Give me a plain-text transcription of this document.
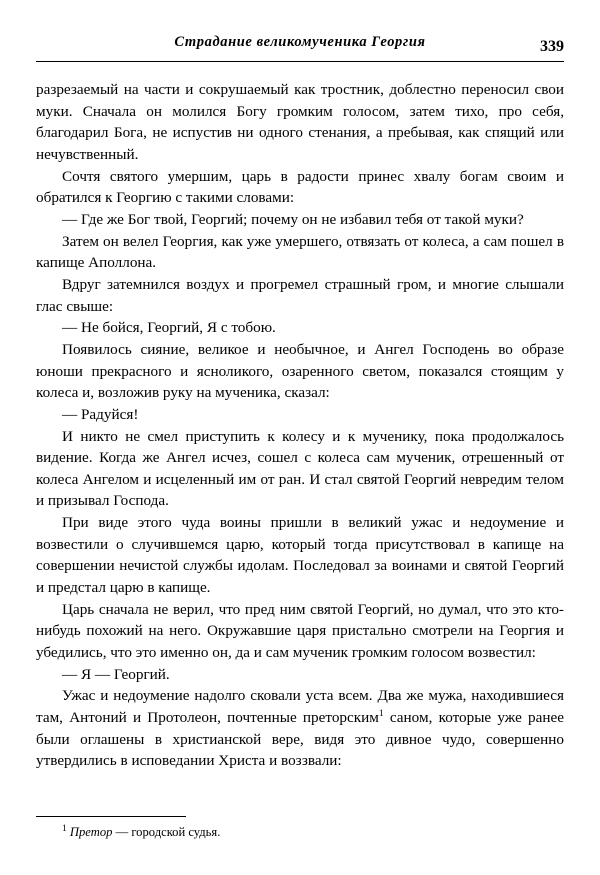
Страдание великомученика Георгия	339

разрезаемый на части и сокрушаемый как тростник, доблестно переносил свои муки. Сначала он молился Богу громким голосом, затем тихо, про себя, благодарил Бога, не испустив ни одного стенания, а пребывая, как спящий или нечувственный.

Сочтя святого умершим, царь в радости принес хвалу богам своим и обратился к Георгию с такими словами:

— Где же Бог твой, Георгий; почему он не избавил тебя от такой муки?

Затем он велел Георгия, как уже умершего, отвязать от колеса, а сам пошел в капище Аполлона.

Вдруг затемнился воздух и прогремел страшный гром, и многие слышали глас свыше:

— Не бойся, Георгий, Я с тобою.

Появилось сияние, великое и необычное, и Ангел Господень во образе юноши прекрасного и ясноликого, озаренного светом, показался стоящим у колеса и, возложив руку на мученика, сказал:

— Радуйся!

И никто не смел приступить к колесу и к мученику, пока продолжалось видение. Когда же Ангел исчез, сошел с колеса сам мученик, отрешенный от колеса Ангелом и исцеленный им от ран. И стал святой Георгий невредим телом и призывал Господа.

При виде этого чуда воины пришли в великий ужас и недоумение и возвестили о случившемся царю, который тогда присутствовал в капище на совершении нечистой службы идолам. Последовал за воинами и святой Георгий и предстал царю в капище.

Царь сначала не верил, что пред ним святой Георгий, но думал, что это кто-нибудь похожий на него. Окружавшие царя пристально смотрели на Георгия и убедились, что это именно он, да и сам мученик громким голосом возвестил:

— Я — Георгий.

Ужас и недоумение надолго сковали уста всем. Два же мужа, находившиеся там, Антоний и Протолеон, почтенные преторским$^1$ саном, которые уже ранее были оглашены в христианской вере, видя это дивное чудо, совершенно утвердились в исповедании Христа и воззвали:

$^1$ Претор — городской судья.
